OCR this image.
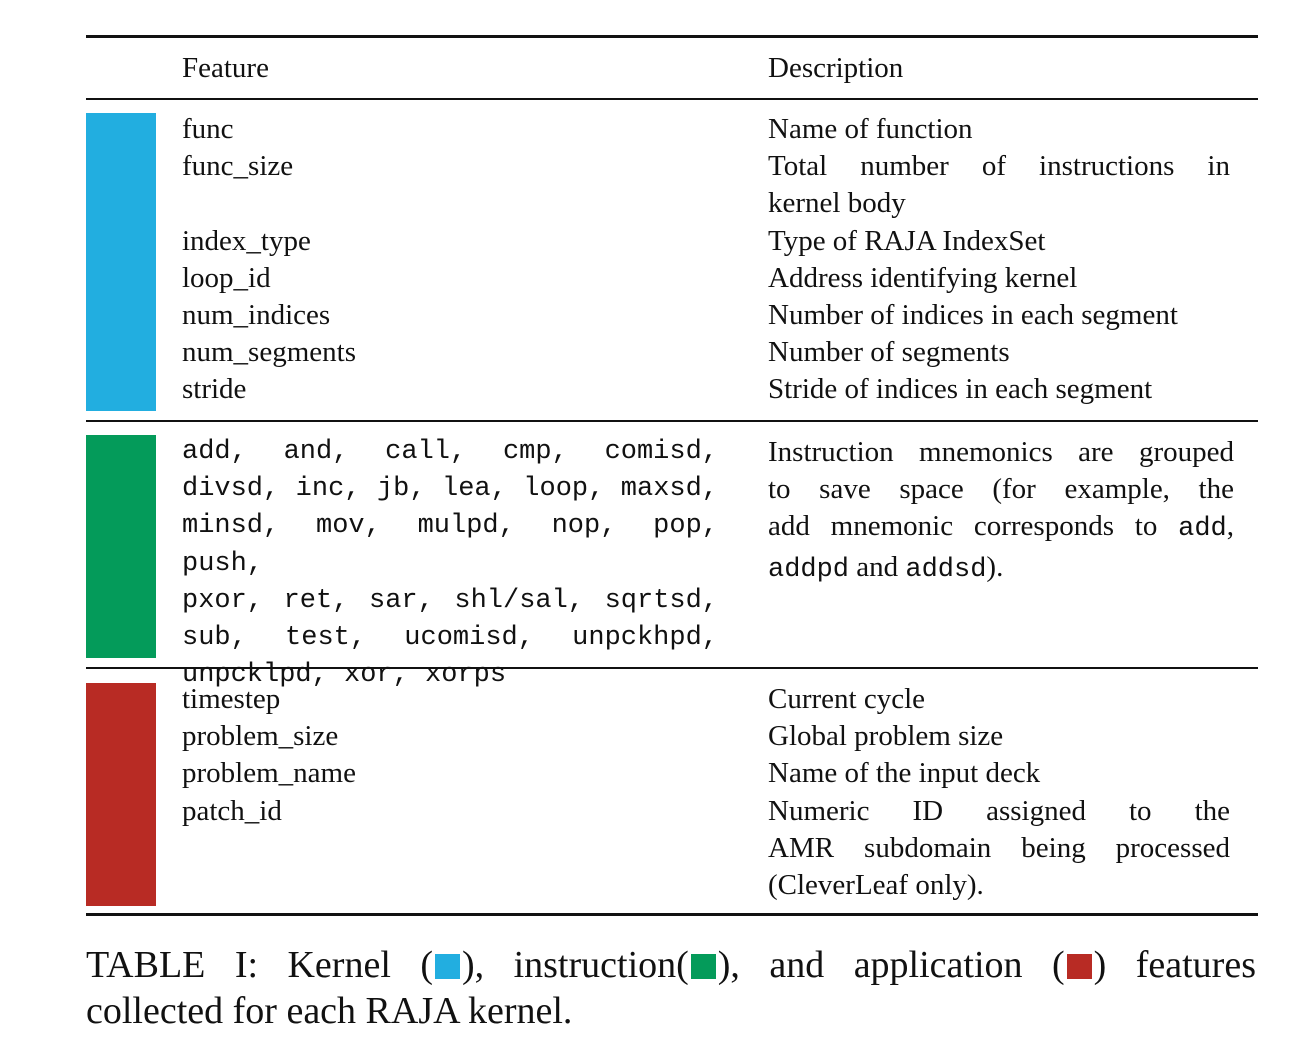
Feature	Description
func
func_size

index_type
loop_id
num_indices
num_segments
stride
Name of function
Total number of instructions in
kernel body
Type of RAJA IndexSet
Address identifying kernel
Number of indices in each segment
Number of segments
Stride of indices in each segment
add, and, call, cmp, comisd,
divsd, inc, jb, lea, loop, maxsd,
minsd, mov, mulpd, nop, pop, push,
pxor, ret, sar, shl/sal, sqrtsd,
sub, test, ucomisd, unpckhpd,
unpcklpd, xor, xorps
Instruction mnemonics are grouped
to save space (for example, the
add mnemonic corresponds to add,
addpd and addsd).
timestep
problem_size
problem_name
patch_id
Current cycle
Global problem size
Name of the input deck
Numeric ID assigned to the
AMR subdomain being processed
(CleverLeaf only).
TABLE I: Kernel ( ), instruction( ), and application ( ) features
collected for each RAJA kernel.
